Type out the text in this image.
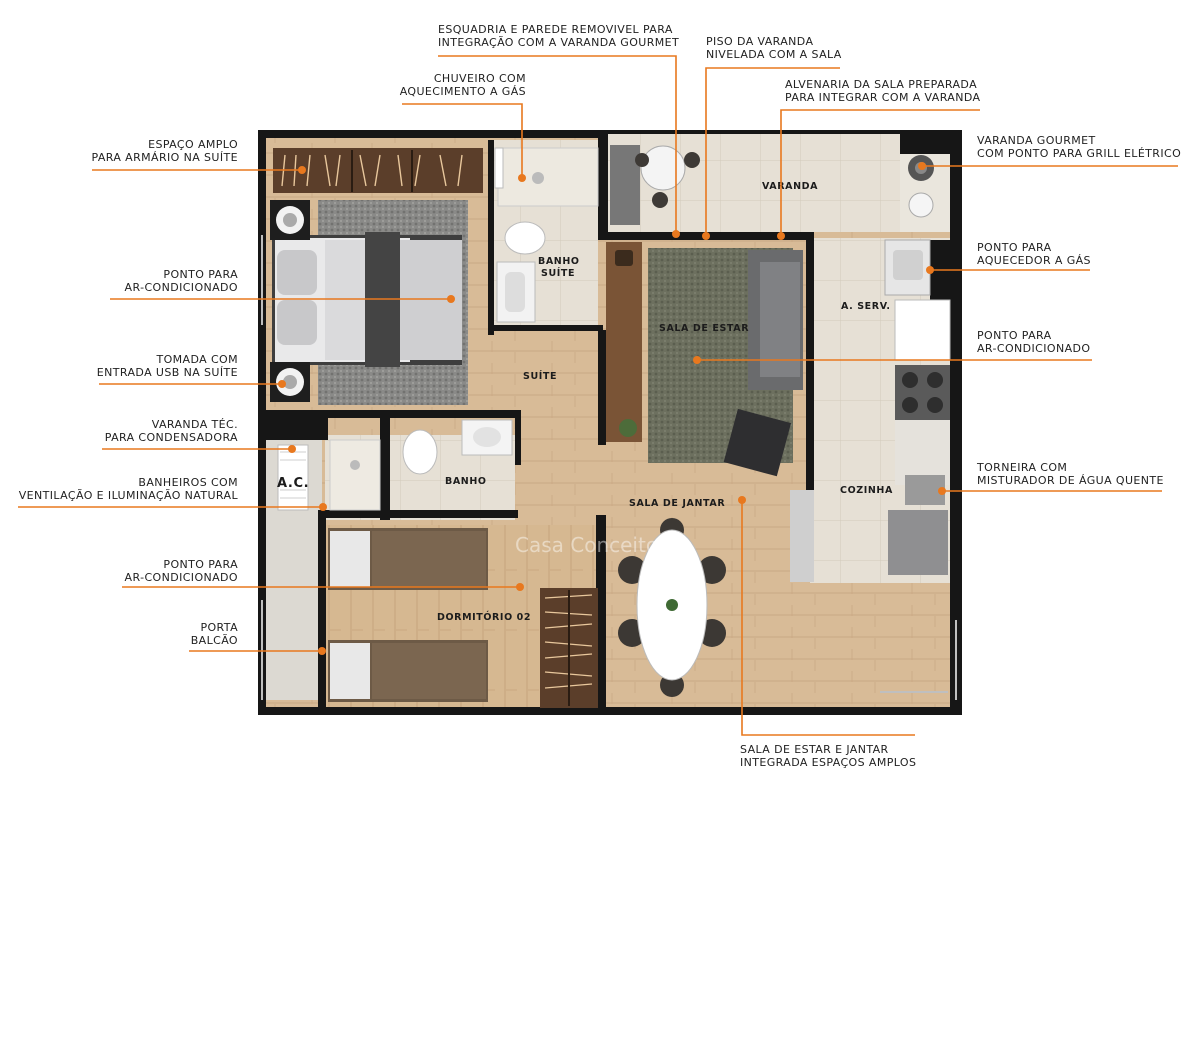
Casa Conceito
VARANDA
BANHO
SUÍTE
SALA DE ESTAR
A. SERV.
SUÍTE
COZINHA
A.C.	BANHO
SALA DE JANTAR
DORMITÓRIO 02
ESQUADRIA E PAREDE REMOVIVEL PARA
INTEGRAÇÃO COM A VARANDA GOURMET PISO DA VARANDA
NIVELADA COM A SALA
ALVENARIA DA SALA PREPARADA
PARA INTEGRAR COM A VARANDA
CHUVEIRO COM
AQUECIMENTO A GÁS
ESPAÇO AMPLO
PARA ARMÁRIO NA SUÍTE
VARANDA GOURMET
COM PONTO PARA GRILL ELÉTRICO
PONTO PARA
AQUECEDOR A GÁS
PONTO PARA
AR-CONDICIONADO
PONTO PARA
AR-CONDICIONADO
TOMADA COM
ENTRADA USB NA SUÍTE
VARANDA TÉC.
PARA CONDENSADORA
BANHEIROS COM
VENTILAÇÃO E ILUMINAÇÃO NATURAL
TORNEIRA COM
MISTURADOR DE ÁGUA QUENTE
PONTO PARA
AR-CONDICIONADO
PORTA
BALCÃO
SALA DE ESTAR E JANTAR
INTEGRADA ESPAÇOS AMPLOS
